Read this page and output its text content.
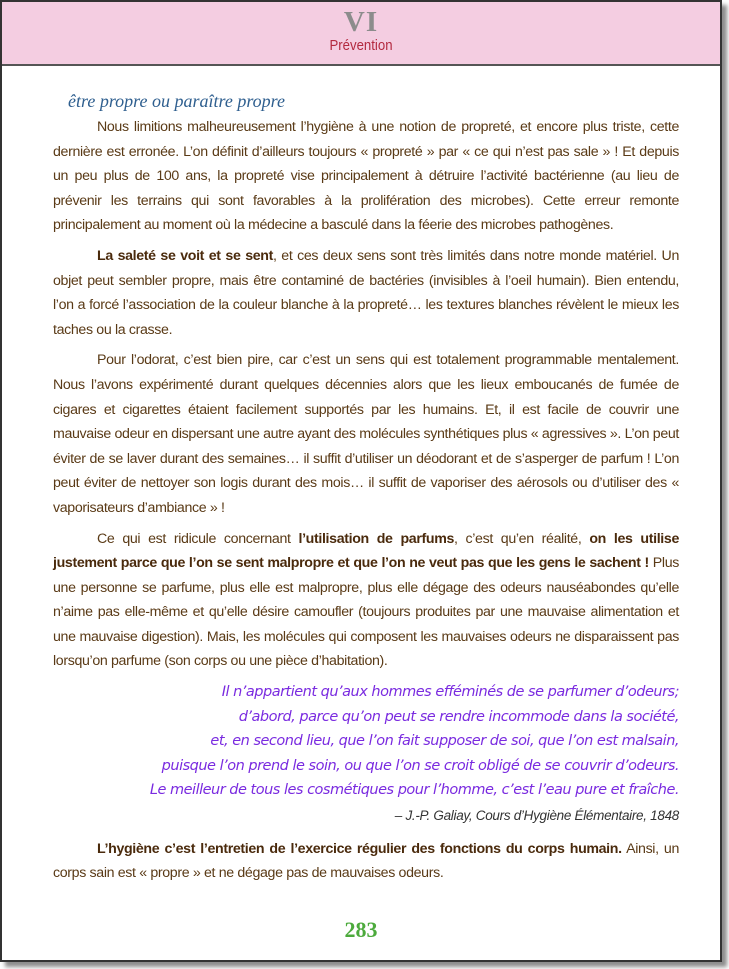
VI
Prévention
être propre ou paraître propre

Nous limitions malheureusement l’hygiène à une notion de propreté, et encore plus triste, cette dernière est erronée. L’on définit d’ailleurs toujours « propreté » par « ce qui n’est pas sale » ! Et depuis un peu plus de 100 ans, la propreté vise principalement à détruire l’activité bactérienne (au lieu de prévenir les terrains qui sont favorables à la prolifération des microbes). Cette erreur remonte principalement au moment où la médecine a basculé dans la féerie des microbes pathogènes.

La saleté se voit et se sent, et ces deux sens sont très limités dans notre monde matériel. Un objet peut sembler propre, mais être contaminé de bactéries (invisibles à l’oeil humain). Bien entendu, l’on a forcé l’association de la couleur blanche à la propreté… les textures blanches révèlent le mieux les taches ou la crasse.

Pour l’odorat, c’est bien pire, car c’est un sens qui est totalement programmable mentalement. Nous l’avons expérimenté durant quelques décennies alors que les lieux emboucanés de fumée de cigares et cigarettes étaient facilement supportés par les humains. Et, il est facile de couvrir une mauvaise odeur en dispersant une autre ayant des molécules synthétiques plus « agressives ». L’on peut éviter de se laver durant des semaines… il suffit d’utiliser un déodorant et de s’asperger de parfum ! L’on peut éviter de nettoyer son logis durant des mois… il suffit de vaporiser des aérosols ou d’utiliser des « vaporisateurs d’ambiance » !

Ce qui est ridicule concernant l’utilisation de parfums, c’est qu’en réalité, on les utilise justement parce que l’on se sent malpropre et que l’on ne veut pas que les gens le sachent ! Plus une personne se parfume, plus elle est malpropre, plus elle dégage des odeurs nauséabondes qu’elle n’aime pas elle-même et qu’elle désire camoufler (toujours produites par une mauvaise alimentation et une mauvaise digestion). Mais, les molécules qui composent les mauvaises odeurs ne disparaissent pas lorsqu’on parfume (son corps ou une pièce d’habitation).

Il n’appartient qu’aux hommes efféminés de se parfumer d’odeurs;
d’abord, parce qu’on peut se rendre incommode dans la société,
et, en second lieu, que l’on fait supposer de soi, que l’on est malsain,
puisque l’on prend le soin, ou que l’on se croit obligé de se couvrir d’odeurs.
Le meilleur de tous les cosmétiques pour l’homme, c’est l’eau pure et fraîche.
– J.-P. Galiay, Cours d’Hygiène Élémentaire, 1848

L’hygiène c’est l’entretien de l’exercice régulier des fonctions du corps humain. Ainsi, un corps sain est « propre » et ne dégage pas de mauvaises odeurs.

283
